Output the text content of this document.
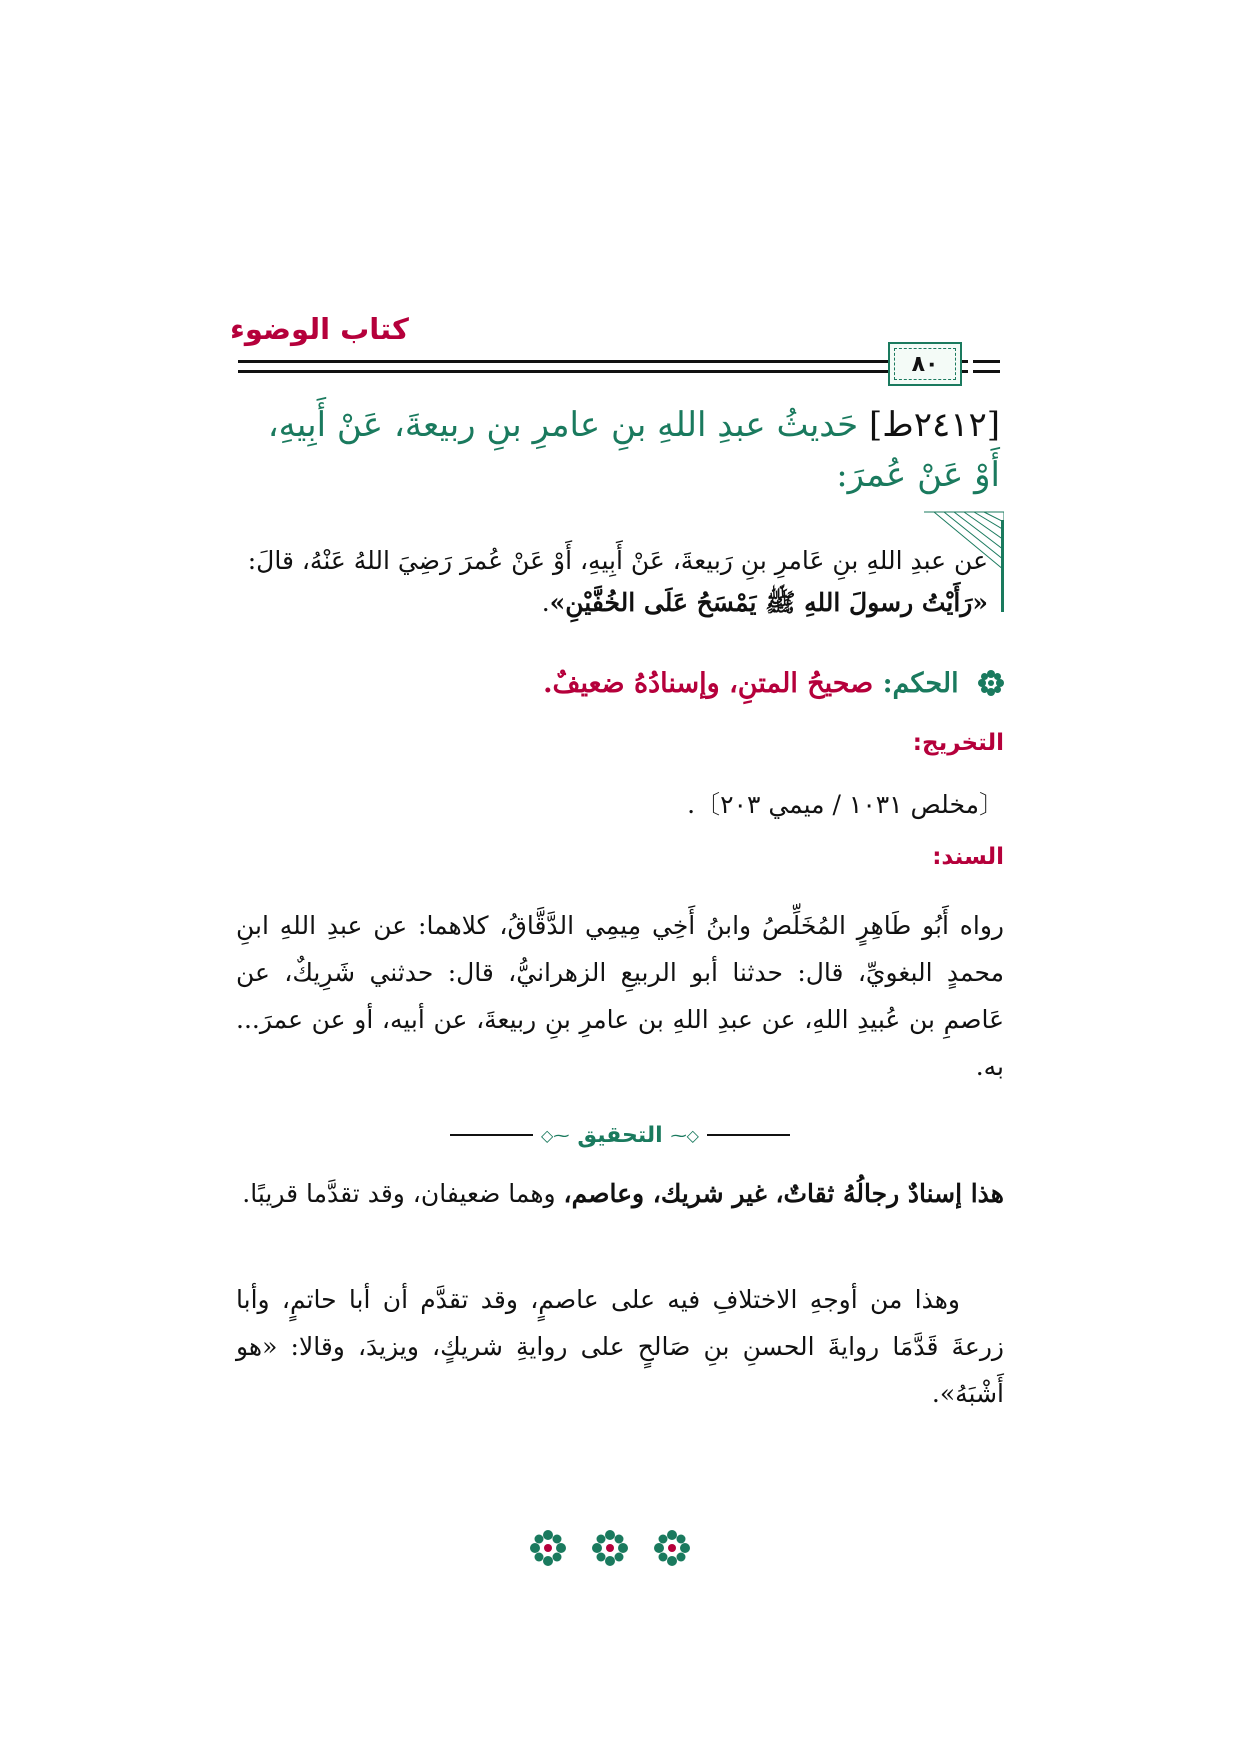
كتاب الوضوء
٨٠
[٢٤١٢ط] حَديثُ عبدِ اللهِ بنِ عامرِ بنِ ربيعةَ، عَنْ أَبِيهِ، أَوْ عَنْ عُمرَ:
عن عبدِ اللهِ بنِ عَامرِ بنِ رَبيعةَ، عَنْ أَبِيهِ، أَوْ عَنْ عُمرَ رَضِيَ اللهُ عَنْهُ، قالَ: «رَأَيْتُ رسولَ اللهِ ﷺ يَمْسَحُ عَلَى الخُفَّيْنِ».
الحكم: صحيحُ المتنِ، وإسنادُهُ ضعيفٌ.
التخريج:
〔مخلص ١٠٣١ / ميمي ٢٠٣〕.
السند:
رواه أَبُو طَاهِرٍ المُخَلِّصُ وابنُ أَخِي مِيمِي الدَّقَّاقُ، كلاهما: عن عبدِ اللهِ ابنِ محمدٍ البغويِّ، قال: حدثنا أبو الربيعِ الزهرانيُّ، قال: حدثني شَرِيكٌ، عن عَاصمِ بن عُبيدِ اللهِ، عن عبدِ اللهِ بن عامرِ بنِ ربيعةَ، عن أبيه، أو عن عمرَ... به.
◇⁓ التحقيق ⁓◇
هذا إسنادٌ رجالُهُ ثقاتٌ، غير شريك، وعاصم، وهما ضعيفان، وقد تقدَّما قريبًا.
وهذا من أوجهِ الاختلافِ فيه على عاصمٍ، وقد تقدَّم أن أبا حاتمٍ، وأبا زرعةَ قَدَّمَا روايةَ الحسنِ بنِ صَالحٍ على روايةِ شريكٍ، ويزيدَ، وقالا: «هو أَشْبَهُ».
